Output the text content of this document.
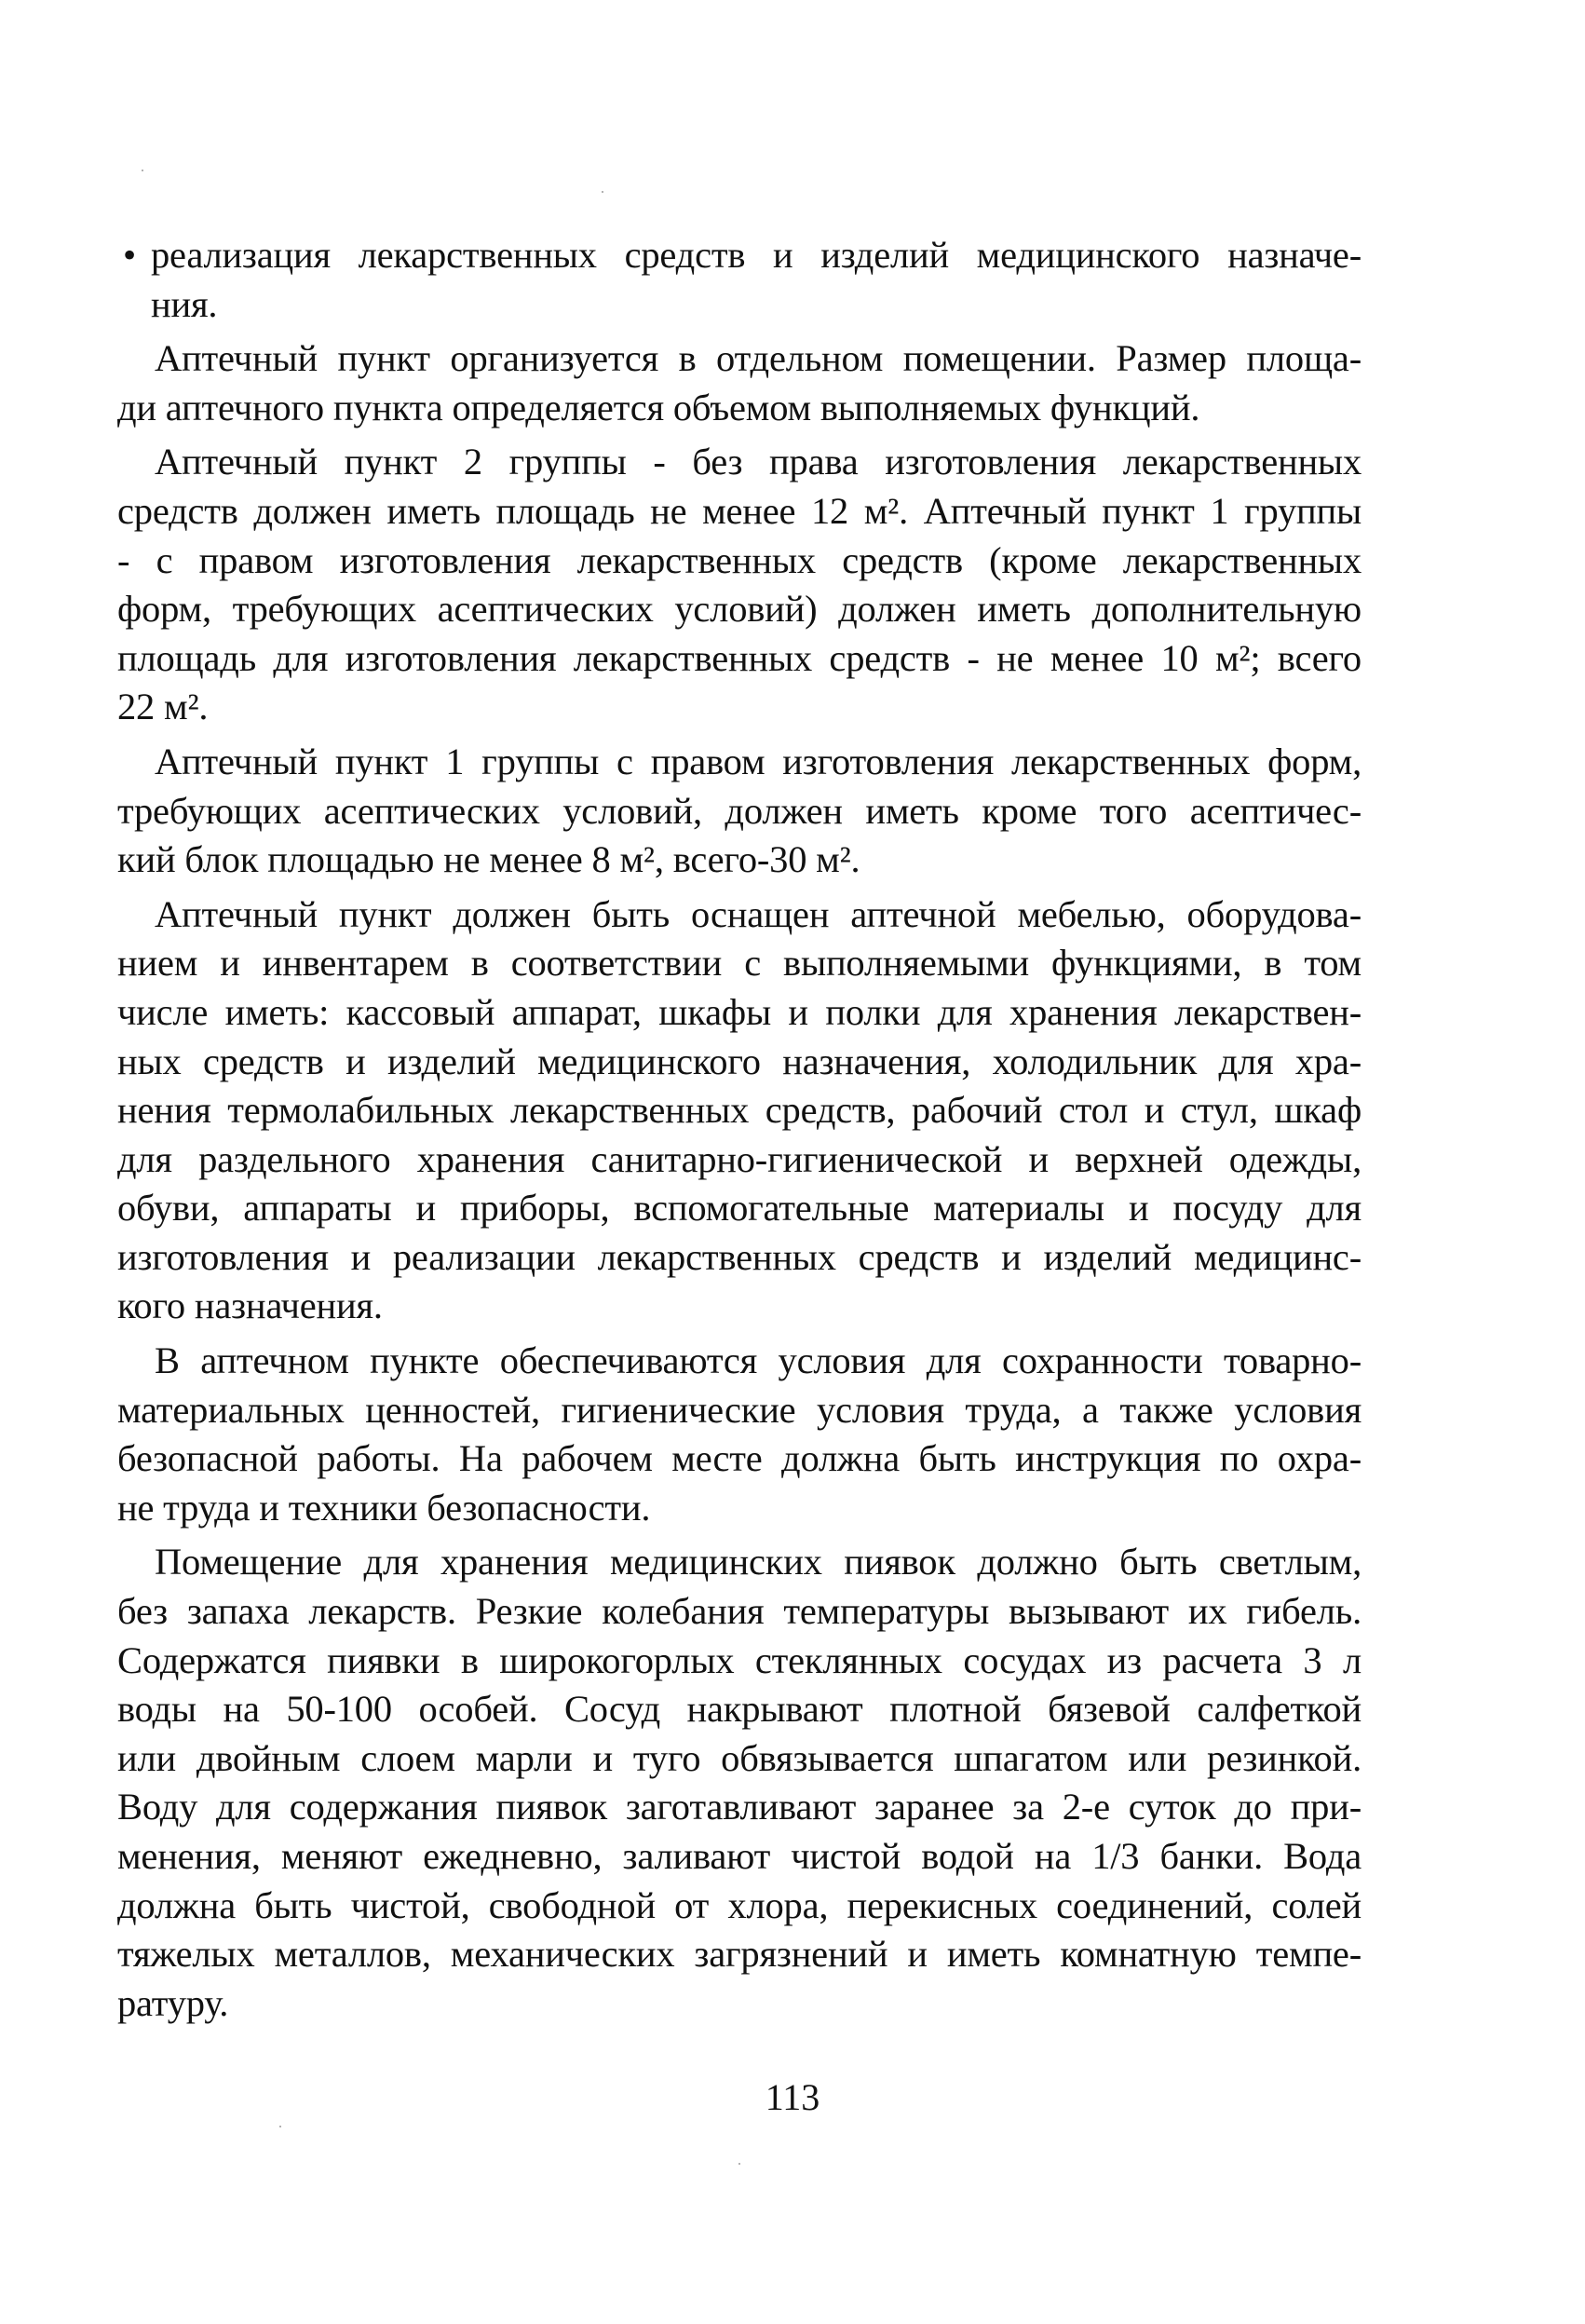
• реализация лекарственных средств и изделий медицинского назначе-
ния.
Аптечный пункт организуется в отдельном помещении. Размер площа-
ди аптечного пункта определяется объемом выполняемых функций.
Аптечный пункт 2 группы - без права изготовления лекарственных
средств должен иметь площадь не менее 12 м². Аптечный пункт 1 группы
- с правом изготовления лекарственных средств (кроме лекарственных
форм, требующих асептических условий) должен иметь дополнительную
площадь для изготовления лекарственных средств - не менее 10 м²; всего
22 м².
Аптечный пункт 1 группы с правом изготовления лекарственных форм,
требующих асептических условий, должен иметь кроме того асептичес-
кий блок площадью не менее 8 м², всего-30 м².
Аптечный пункт должен быть оснащен аптечной мебелью, оборудова-
нием и инвентарем в соответствии с выполняемыми функциями, в том
числе иметь: кассовый аппарат, шкафы и полки для хранения лекарствен-
ных средств и изделий медицинского назначения, холодильник для хра-
нения термолабильных лекарственных средств, рабочий стол и стул, шкаф
для раздельного хранения санитарно-гигиенической и верхней одежды,
обуви, аппараты и приборы, вспомогательные материалы и посуду для
изготовления и реализации лекарственных средств и изделий медицинс-
кого назначения.
В аптечном пункте обеспечиваются условия для сохранности товарно-
материальных ценностей, гигиенические условия труда, а также условия
безопасной работы. На рабочем месте должна быть инструкция по охра-
не труда и техники безопасности.
Помещение для хранения медицинских пиявок должно быть светлым,
без запаха лекарств. Резкие колебания температуры вызывают их гибель.
Содержатся пиявки в широкогорлых стеклянных сосудах из расчета 3 л
воды на 50-100 особей. Сосуд накрывают плотной бязевой салфеткой
или двойным слоем марли и туго обвязывается шпагатом или резинкой.
Воду для содержания пиявок заготавливают заранее за 2-е суток до при-
менения, меняют ежедневно, заливают чистой водой на 1/3 банки. Вода
должна быть чистой, свободной от хлора, перекисных соединений, солей
тяжелых металлов, механических загрязнений и иметь комнатную темпе-
ратуру.
113
